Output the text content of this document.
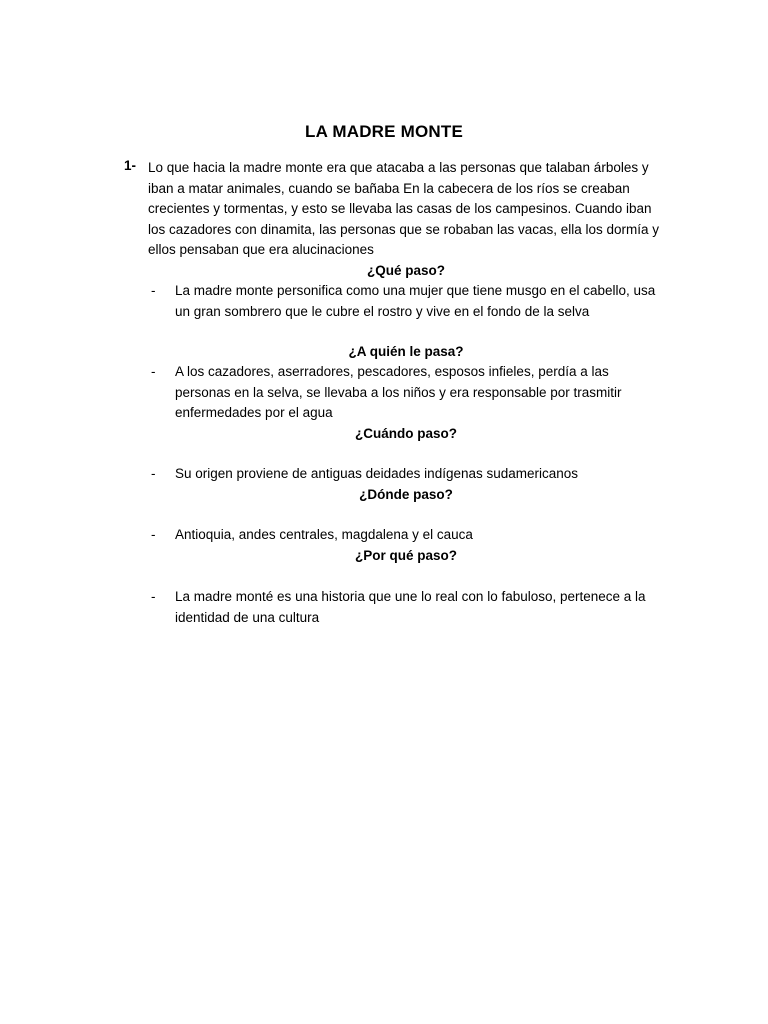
LA MADRE MONTE
1- Lo que hacia la madre monte era que atacaba a las personas que talaban árboles y iban a matar animales, cuando se bañaba En la cabecera de los ríos se creaban crecientes y tormentas, y esto se llevaba las casas de los campesinos. Cuando iban los cazadores con dinamita, las personas que se robaban las vacas, ella los dormía y ellos pensaban que era alucinaciones
¿Qué paso?
- La madre monte personifica como una mujer que tiene musgo en el cabello, usa un gran sombrero que le cubre el rostro y vive en el fondo de la selva
¿A quién le pasa?
- A los cazadores, aserradores, pescadores, esposos infieles, perdía a las personas en la selva, se llevaba a los niños y era responsable por trasmitir enfermedades por el agua
¿Cuándo paso?
- Su origen proviene de antiguas deidades indígenas sudamericanos
¿Dónde paso?
- Antioquia, andes centrales, magdalena y el cauca
¿Por qué paso?
- La madre monté es una historia que une lo real con lo fabuloso, pertenece a la identidad de una cultura
